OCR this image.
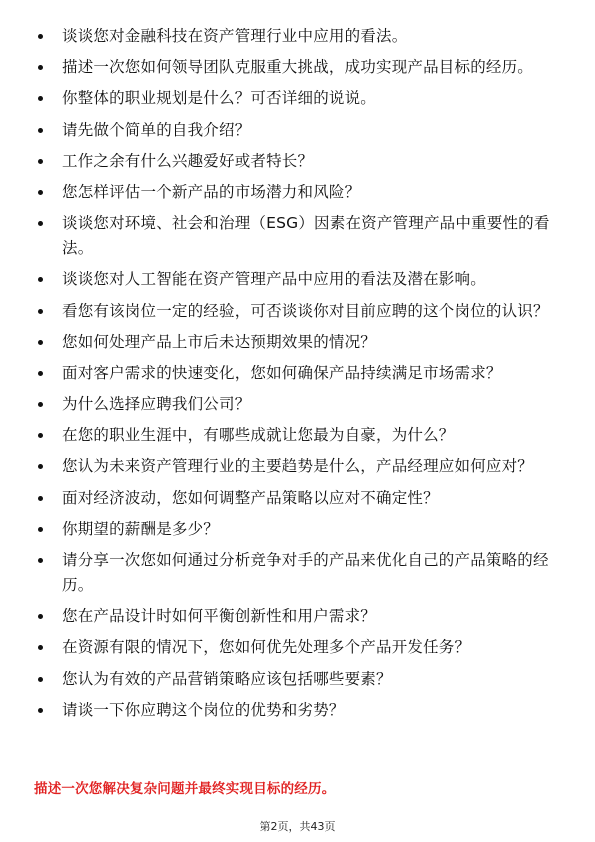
谈谈您对金融科技在资产管理行业中应用的看法。
描述一次您如何领导团队克服重大挑战，成功实现产品目标的经历。
你整体的职业规划是什么？可否详细的说说。
请先做个简单的自我介绍？
工作之余有什么兴趣爱好或者特长？
您怎样评估一个新产品的市场潜力和风险？
谈谈您对环境、社会和治理（ESG）因素在资产管理产品中重要性的看法。
谈谈您对人工智能在资产管理产品中应用的看法及潜在影响。
看您有该岗位一定的经验，可否谈谈你对目前应聘的这个岗位的认识？
您如何处理产品上市后未达预期效果的情况？
面对客户需求的快速变化，您如何确保产品持续满足市场需求？
为什么选择应聘我们公司？
在您的职业生涯中，有哪些成就让您最为自豪，为什么？
您认为未来资产管理行业的主要趋势是什么，产品经理应如何应对？
面对经济波动，您如何调整产品策略以应对不确定性？
你期望的薪酬是多少？
请分享一次您如何通过分析竞争对手的产品来优化自己的产品策略的经历。
您在产品设计时如何平衡创新性和用户需求？
在资源有限的情况下，您如何优先处理多个产品开发任务？
您认为有效的产品营销策略应该包括哪些要素？
请谈一下你应聘这个岗位的优势和劣势？
描述一次您解决复杂问题并最终实现目标的经历。
第2页，共43页
